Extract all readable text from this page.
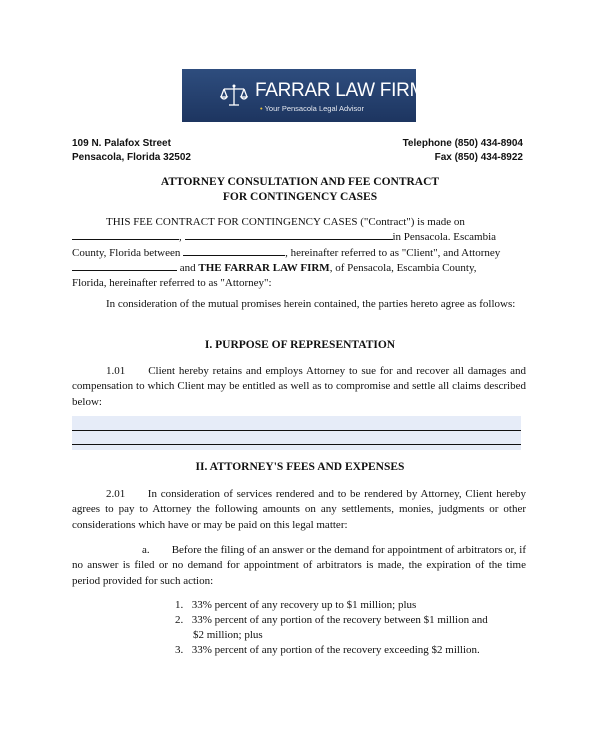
FARRAR LAW FIRM
• Your Pensacola Legal Advisor
109 N. Palafox Street
Pensacola, Florida 32502
Telephone (850) 434-8904
Fax (850) 434-8922
ATTORNEY CONSULTATION AND FEE CONTRACT
FOR CONTINGENCY CASES
THIS FEE CONTRACT FOR CONTINGENCY CASES ("Contract") is made on
,	in Pensacola. Escambia
County, Florida between	, hereinafter referred to as "Client", and Attorney
and THE FARRAR LAW FIRM, of Pensacola, Escambia County,
Florida, hereinafter referred to as "Attorney":
In consideration of the mutual promises herein contained, the parties hereto agree as follows:
I. PURPOSE OF REPRESENTATION
1.01 Client hereby retains and employs Attorney to sue for and recover all damages and compensation to which Client may be entitled as well as to compromise and settle all claims described below:
II. ATTORNEY'S FEES AND EXPENSES
2.01 In consideration of services rendered and to be rendered by Attorney, Client hereby agrees to pay to Attorney the following amounts on any settlements, monies, judgments or other considerations which have or may be paid on this legal matter:
a. Before the filing of an answer or the demand for appointment of arbitrators or, if no answer is filed or no demand for appointment of arbitrators is made, the expiration of the time period provided for such action:
1.
33% percent of any recovery up to $1 million; plus
2.
33% percent of any portion of the recovery between $1 million and
$2 million; plus
3.
33% percent of any portion of the recovery exceeding $2 million.
